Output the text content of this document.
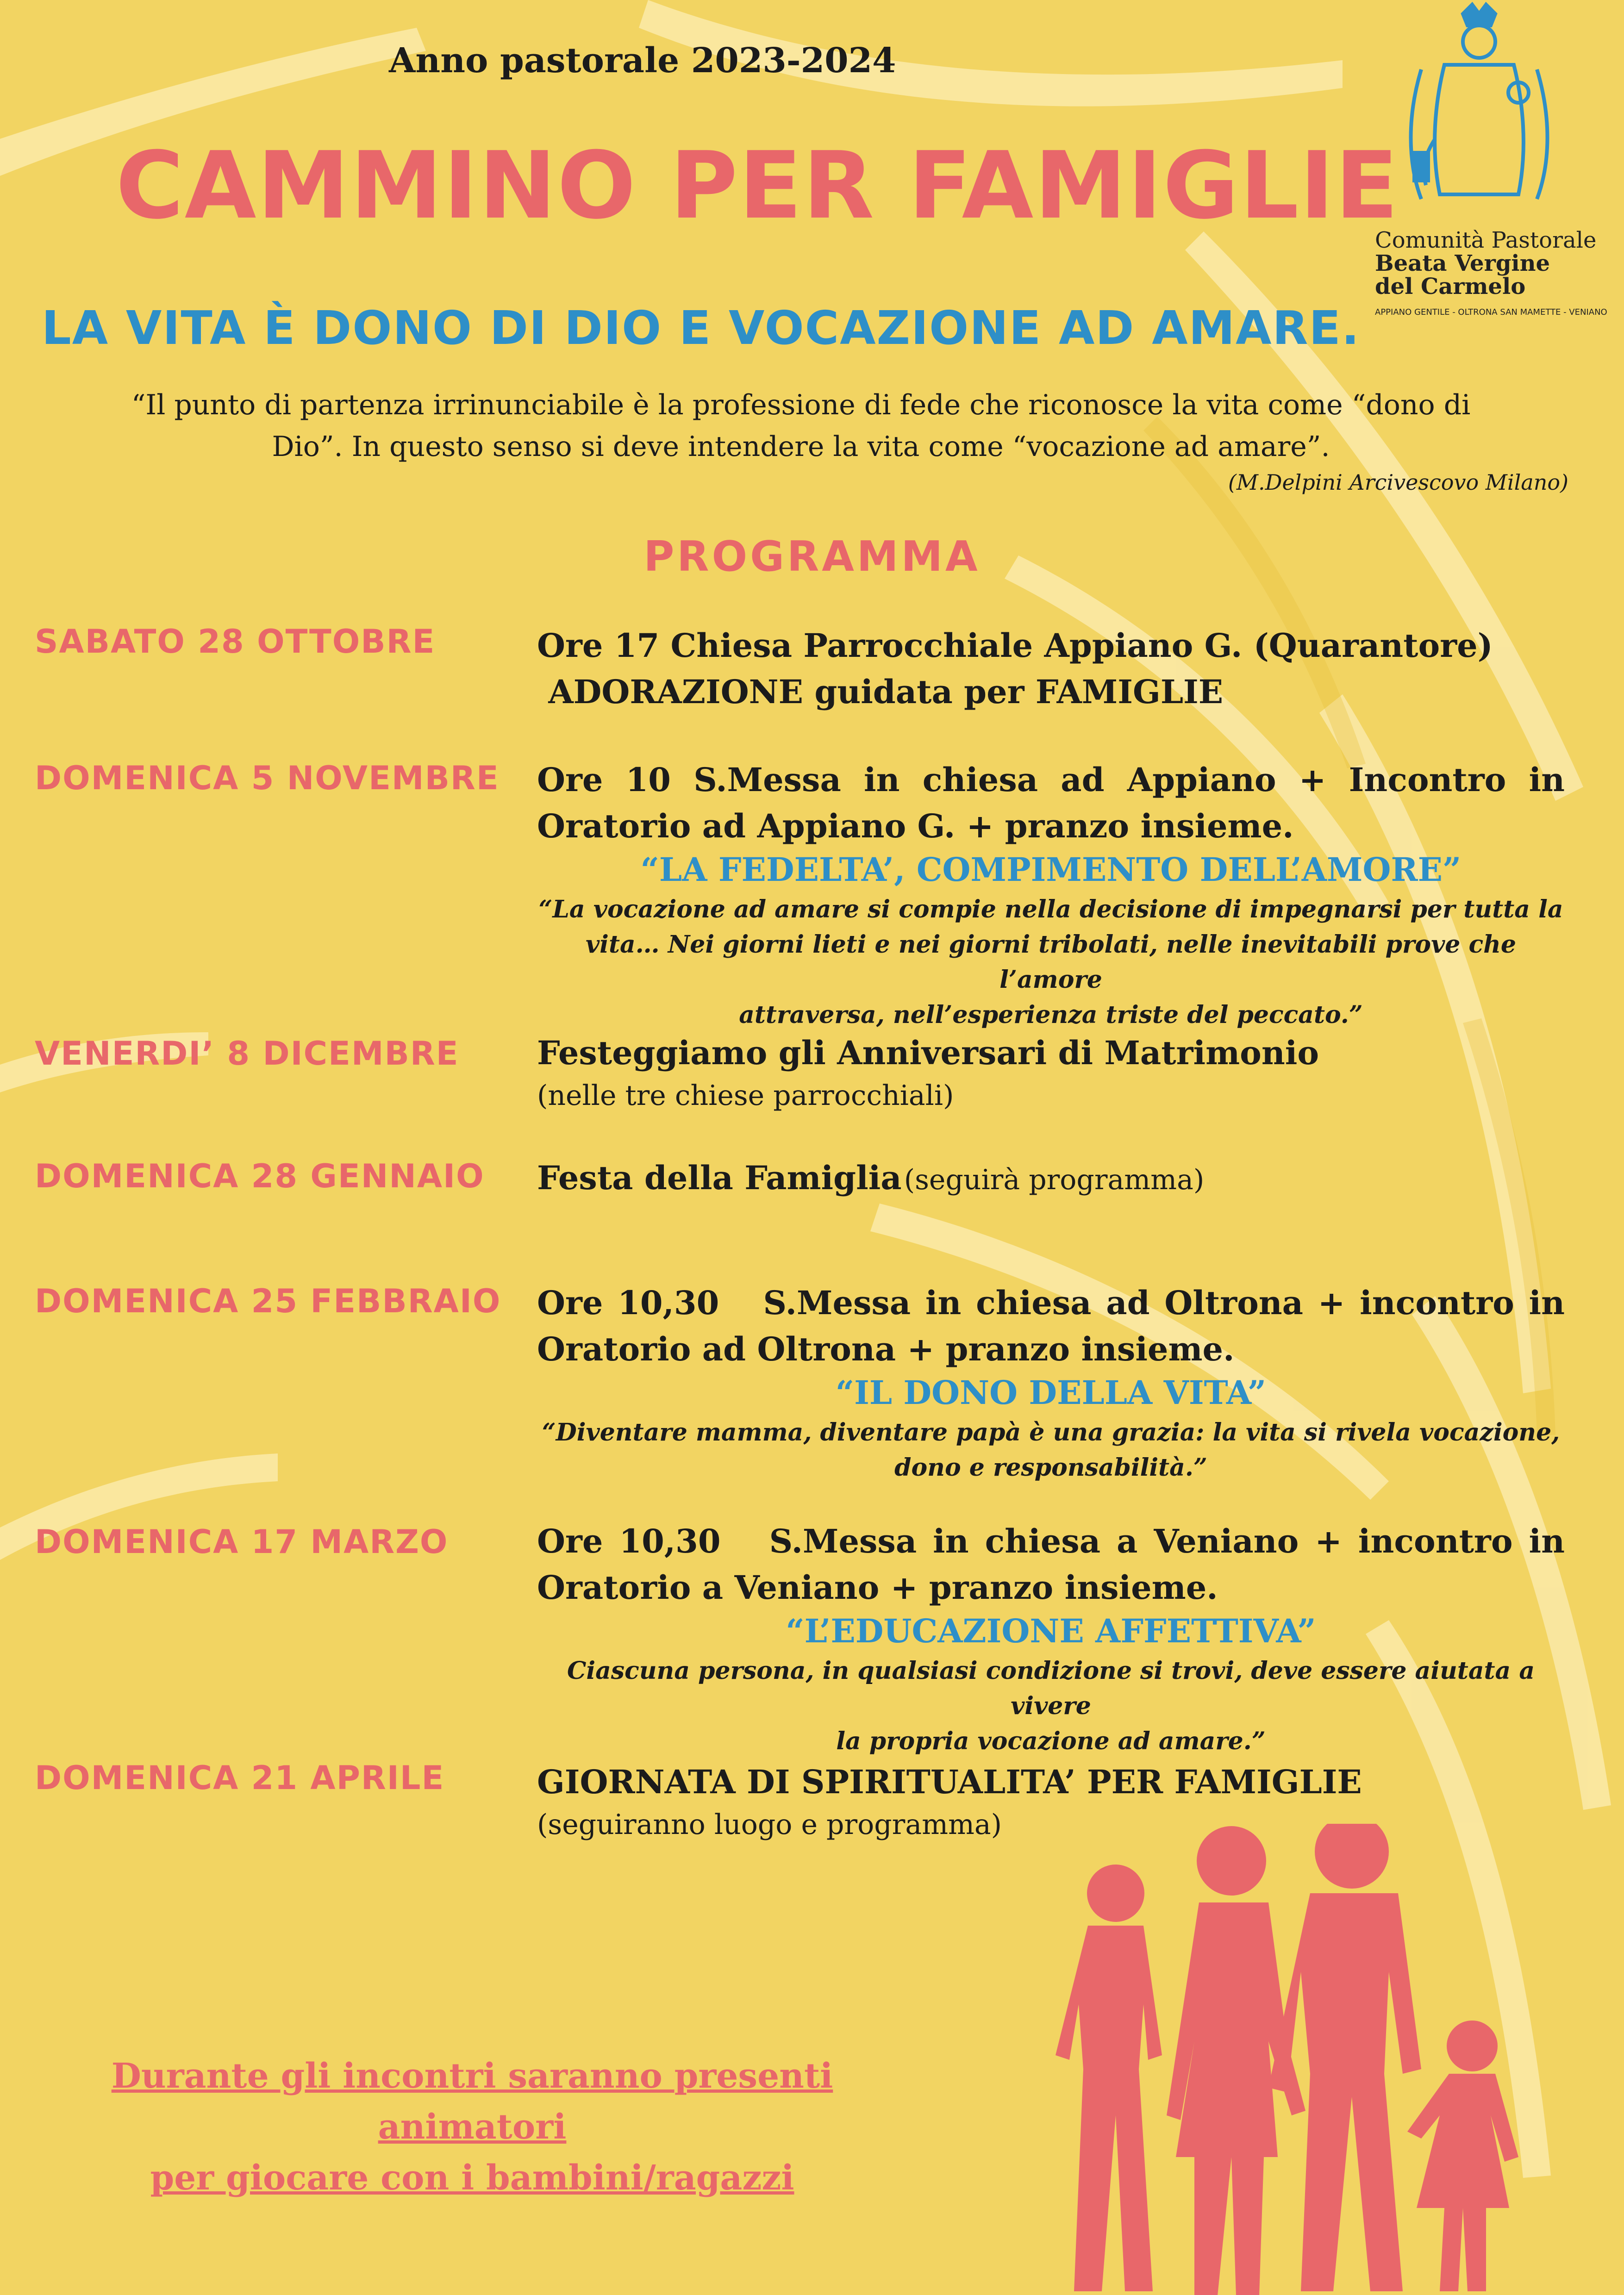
Comunità Pastorale
Beata Vergine
del Carmelo
APPIANO GENTILE - OLTRONA SAN MAMETTE - VENIANO
Anno pastorale 2023-2024
CAMMINO PER FAMIGLIE
LA VITA È DONO DI DIO E VOCAZIONE AD AMARE.
“Il punto di partenza irrinunciabile è la professione di fede che riconosce la vita come “dono di
Dio”. In questo senso si deve intendere la vita come “vocazione ad amare”.
(M.Delpini Arcivescovo Milano)
PROGRAMMA
SABATO 28 OTTOBRE	Ore 17 Chiesa Parrocchiale Appiano G. (Quarantore)
ADORAZIONE guidata per FAMIGLIE
DOMENICA 5 NOVEMBRE Ore 10 S.Messa in chiesa ad Appiano + Incontro in
Oratorio ad Appiano G. + pranzo insieme.
“LA FEDELTA’, COMPIMENTO DELL’AMORE”
“La vocazione ad amare si compie nella decisione di impegnarsi per tutta la
vita… Nei giorni lieti e nei giorni tribolati, nelle inevitabili prove che l’amore
attraversa, nell’esperienza triste del peccato.”
VENERDI’ 8 DICEMBRE Festeggiamo gli Anniversari di Matrimonio
(nelle tre chiese parrocchiali)
DOMENICA 28 GENNAIO Festa della Famiglia (seguirà programma)
DOMENICA 25 FEBBRAIO Ore 10,30   S.Messa in chiesa ad Oltrona + incontro in
Oratorio ad Oltrona + pranzo insieme.
“IL DONO DELLA VITA”
“Diventare mamma, diventare papà è una grazia: la vita si rivela vocazione,
dono e responsabilità.”
DOMENICA 17 MARZO	Ore 10,30   S.Messa in chiesa a Veniano + incontro in
Oratorio a Veniano + pranzo insieme.
“L’EDUCAZIONE AFFETTIVA”
Ciascuna persona, in qualsiasi condizione si trovi, deve essere aiutata a vivere
la propria vocazione ad amare.”
DOMENICA 21 APRILE	GIORNATA DI SPIRITUALITA’ PER FAMIGLIE
(seguiranno luogo e programma)
Durante gli incontri saranno presenti animatori
per giocare con i bambini/ragazzi
